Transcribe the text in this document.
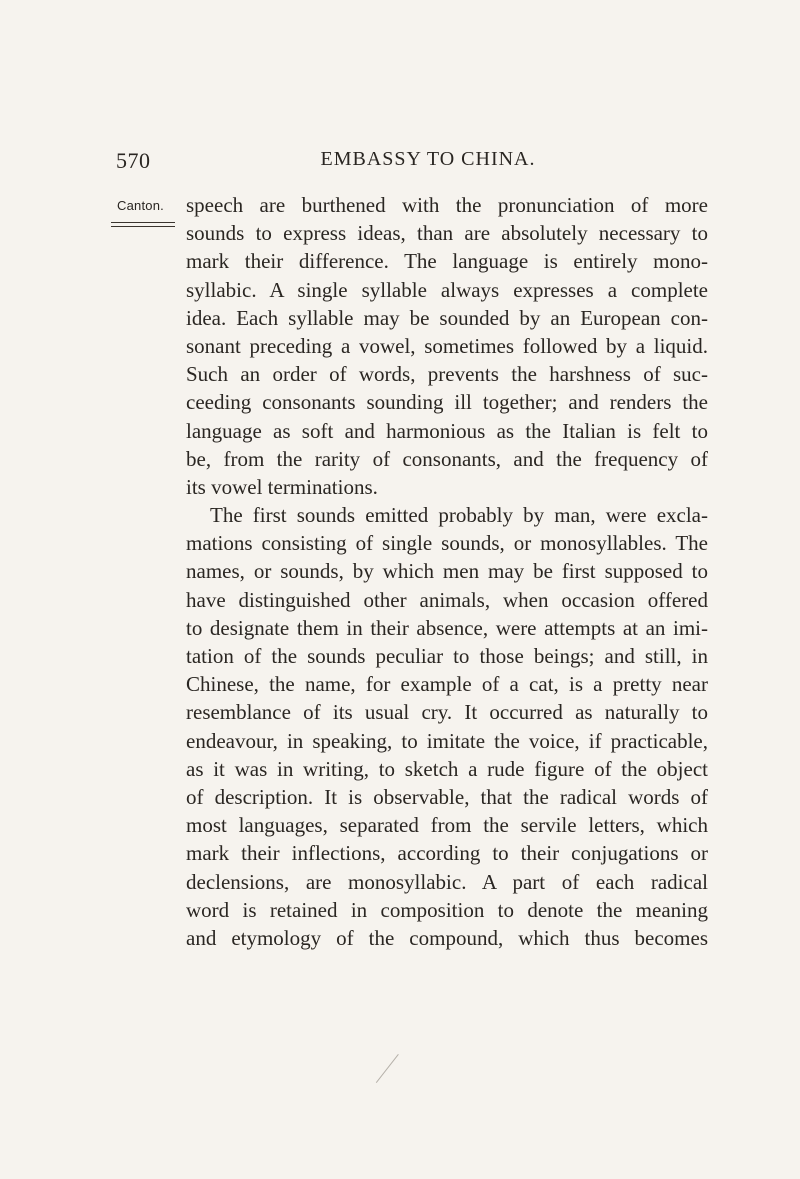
570	EMBASSY TO CHINA.
Canton. speech are burthened with the pronunciation of more
sounds to express ideas, than are absolutely necessary to
mark their difference. The language is entirely mono-
syllabic. A single syllable always expresses a complete
idea. Each syllable may be sounded by an European con-
sonant preceding a vowel, sometimes followed by a liquid.
Such an order of words, prevents the harshness of suc-
ceeding consonants sounding ill together; and renders the
language as soft and harmonious as the Italian is felt to
be, from the rarity of consonants, and the frequency of
its vowel terminations.
The first sounds emitted probably by man, were excla-
mations consisting of single sounds, or monosyllables. The
names, or sounds, by which men may be first supposed to
have distinguished other animals, when occasion offered
to designate them in their absence, were attempts at an imi-
tation of the sounds peculiar to those beings; and still, in
Chinese, the name, for example of a cat, is a pretty near
resemblance of its usual cry. It occurred as naturally to
endeavour, in speaking, to imitate the voice, if practicable,
as it was in writing, to sketch a rude figure of the object
of description. It is observable, that the radical words of
most languages, separated from the servile letters, which
mark their inflections, according to their conjugations or
declensions, are monosyllabic. A part of each radical
word is retained in composition to denote the meaning
and etymology of the compound, which thus becomes
